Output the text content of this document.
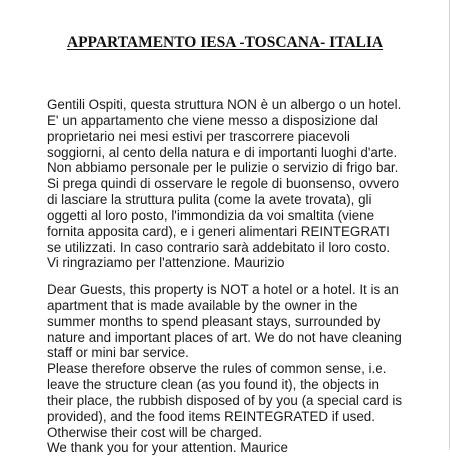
APPARTAMENTO IESA -TOSCANA- ITALIA
Gentili Ospiti, questa struttura NON è un albergo o un hotel.
E' un appartamento che viene messo a disposizione dal
proprietario nei mesi estivi per trascorrere piacevoli
soggiorni, al cento della natura e di importanti luoghi d'arte.
Non abbiamo personale per le pulizie o servizio di frigo bar.
Si prega quindi di osservare le regole di buonsenso, ovvero
di lasciare la struttura pulita (come la avete trovata), gli
oggetti al loro posto, l'immondizia da voi smaltita (viene
fornita apposita card), e i generi alimentari REINTEGRATI
se utilizzati. In caso contrario sarà addebitato il loro costo.
Vi ringraziamo per l'attenzione. Maurizio
Dear Guests, this property is NOT a hotel or a hotel. It is an
apartment that is made available by the owner in the
summer months to spend pleasant stays, surrounded by
nature and important places of art. We do not have cleaning
staff or mini bar service.
Please therefore observe the rules of common sense, i.e.
leave the structure clean (as you found it), the objects in
their place, the rubbish disposed of by you (a special card is
provided), and the food items REINTEGRATED if used.
Otherwise their cost will be charged.
We thank you for your attention. Maurice
